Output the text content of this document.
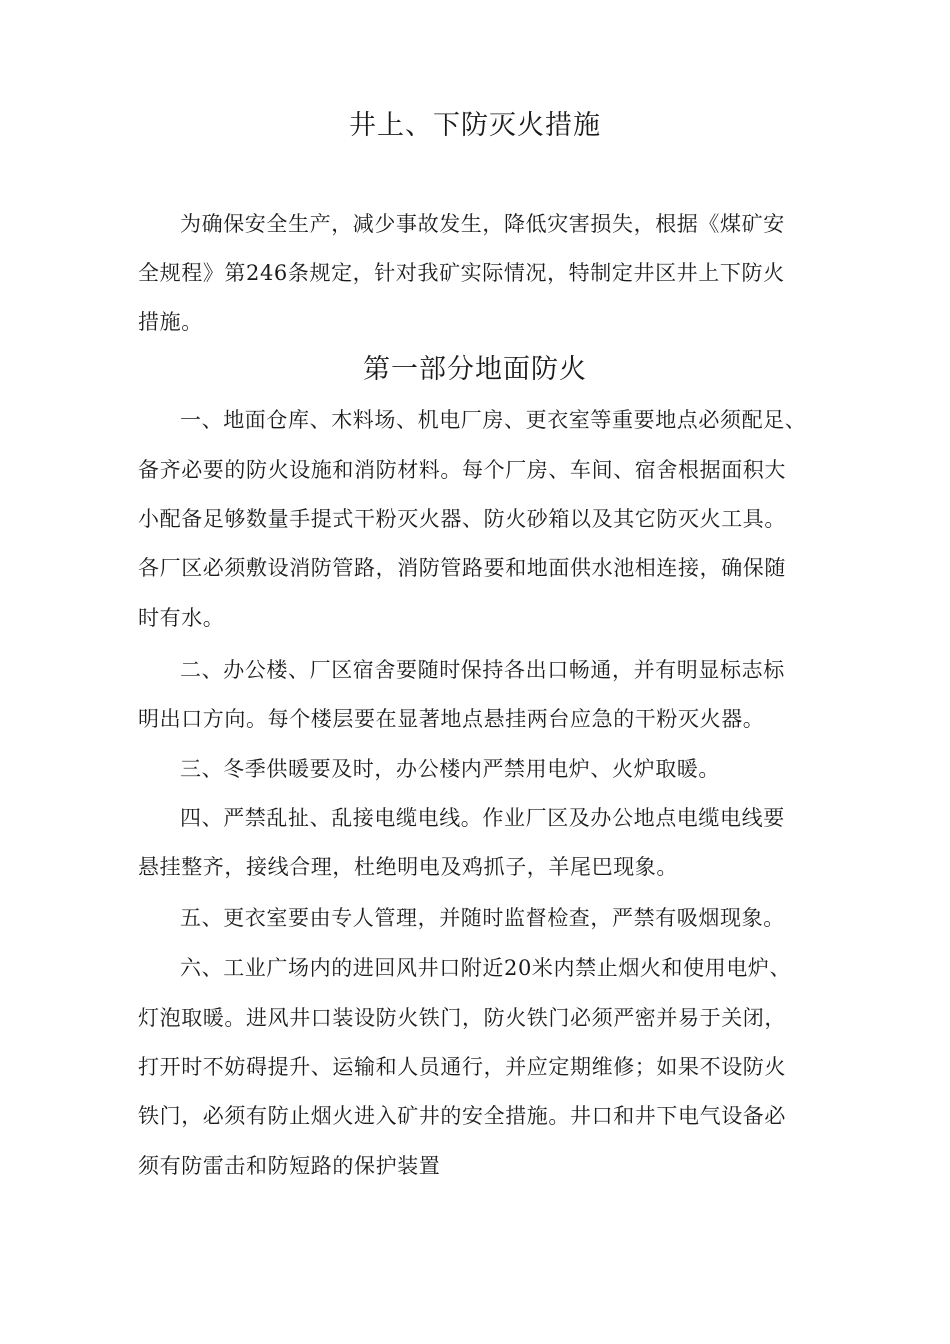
井上、下防灭火措施

为确保安全生产，减少事故发生，降低灾害损失，根据《煤矿安

全规程》第246条规定，针对我矿实际情况，特制定井区井上下防火

措施。

第一部分地面防火

一、地面仓库、木料场、机电厂房、更衣室等重要地点必须配足、

备齐必要的防火设施和消防材料。每个厂房、车间、宿舍根据面积大

小配备足够数量手提式干粉灭火器、防火砂箱以及其它防灭火工具。

各厂区必须敷设消防管路，消防管路要和地面供水池相连接，确保随

时有水。

二、办公楼、厂区宿舍要随时保持各出口畅通，并有明显标志标

明出口方向。每个楼层要在显著地点悬挂两台应急的干粉灭火器。

三、冬季供暖要及时，办公楼内严禁用电炉、火炉取暖。

四、严禁乱扯、乱接电缆电线。作业厂区及办公地点电缆电线要

悬挂整齐，接线合理，杜绝明电及鸡抓子，羊尾巴现象。

五、更衣室要由专人管理，并随时监督检查，严禁有吸烟现象。

六、工业广场内的进回风井口附近20米内禁止烟火和使用电炉、

灯泡取暖。进风井口装设防火铁门，防火铁门必须严密并易于关闭，

打开时不妨碍提升、运输和人员通行，并应定期维修；如果不设防火

铁门，必须有防止烟火进入矿井的安全措施。井口和井下电气设备必

须有防雷击和防短路的保护装置
